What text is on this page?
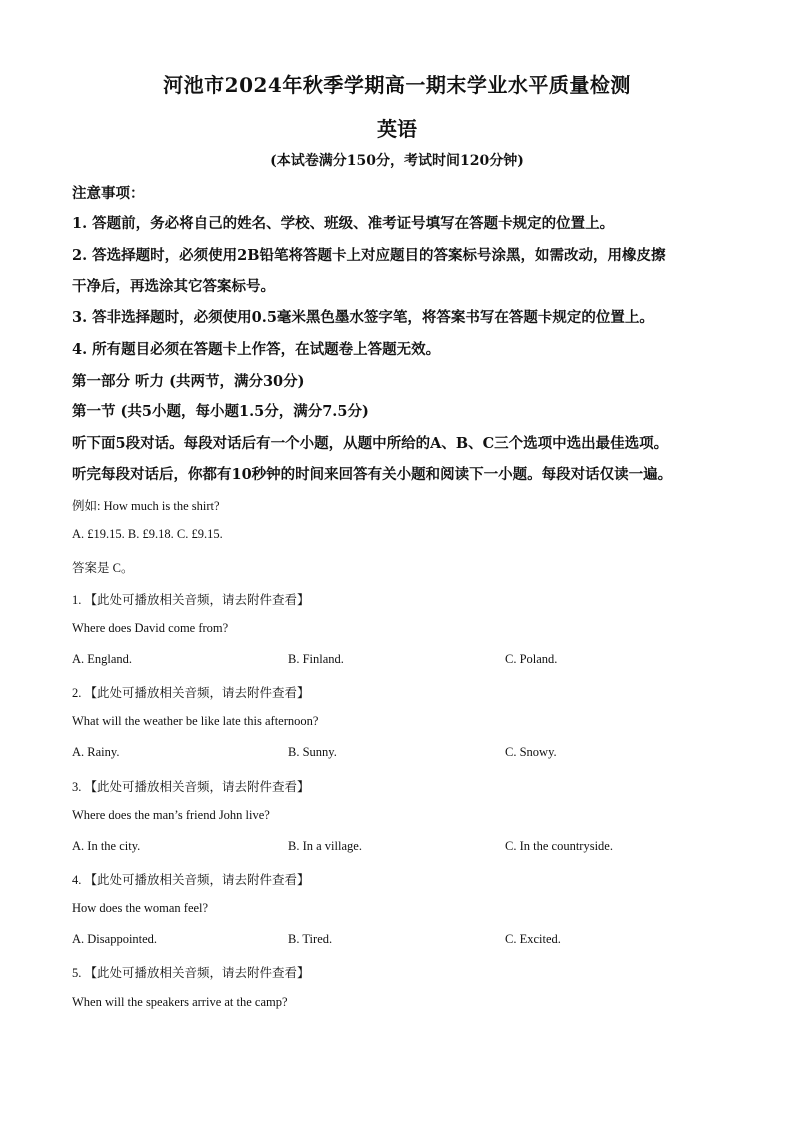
河池市2024年秋季学期高一期末学业水平质量检测
英语
(本试卷满分150分，考试时间120分钟)
注意事项：
1. 答题前，务必将自己的姓名、学校、班级、准考证号填写在答题卡规定的位置上。
2. 答选择题时，必须使用2B铅笔将答题卡上对应题目的答案标号涂黑，如需改动，用橡皮擦
干净后，再选涂其它答案标号。
3. 答非选择题时，必须使用0.5毫米黑色墨水签字笔，将答案书写在答题卡规定的位置上。
4. 所有题目必须在答题卡上作答，在试题卷上答题无效。
第一部分 听力 (共两节，满分30分)
第一节 (共5小题，每小题1.5分，满分7.5分)
听下面5段对话。每段对话后有一个小题，从题中所给的A、B、C三个选项中选出最佳选项。
听完每段对话后，你都有10秒钟的时间来回答有关小题和阅读下一小题。每段对话仅读一遍。
例如: How much is the shirt?
A. £19.15. B. £9.18. C. £9.15.
答案是 C。
1. 【此处可播放相关音频，请去附件查看】
Where does David come from?
A. England.	B. Finland.	C. Poland.
2. 【此处可播放相关音频，请去附件查看】
What will the weather be like late this afternoon?
A. Rainy.	B. Sunny.	C. Snowy.
3. 【此处可播放相关音频，请去附件查看】
Where does the man’s friend John live?
A. In the city.	B. In a village.	C. In the countryside.
4. 【此处可播放相关音频，请去附件查看】
How does the woman feel?
A. Disappointed.	B. Tired.	C. Excited.
5. 【此处可播放相关音频，请去附件查看】
When will the speakers arrive at the camp?
